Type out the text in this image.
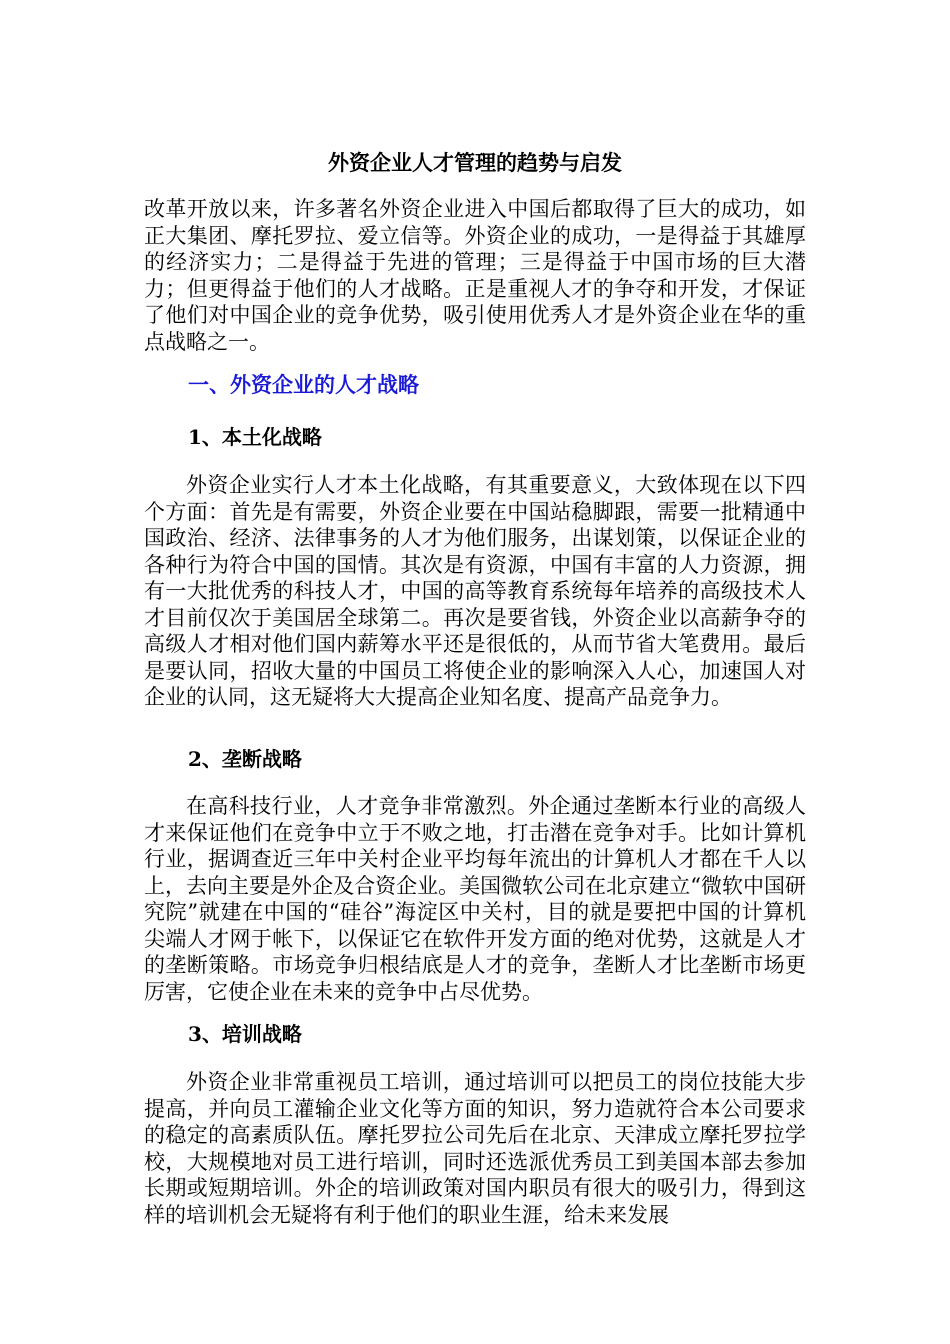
外资企业人才管理的趋势与启发

改革开放以来，许多著名外资企业进入中国后都取得了巨大的成功，如正大集团、摩托罗拉、爱立信等。外资企业的成功，一是得益于其雄厚的经济实力；二是得益于先进的管理；三是得益于中国市场的巨大潜力；但更得益于他们的人才战略。正是重视人才的争夺和开发，才保证了他们对中国企业的竞争优势，吸引使用优秀人才是外资企业在华的重点战略之一。

一、外资企业的人才战略
1、本土化战略

外资企业实行人才本土化战略，有其重要意义，大致体现在以下四个方面：首先是有需要，外资企业要在中国站稳脚跟，需要一批精通中国政治、经济、法律事务的人才为他们服务，出谋划策，以保证企业的各种行为符合中国的国情。其次是有资源，中国有丰富的人力资源，拥有一大批优秀的科技人才，中国的高等教育系统每年培养的高级技术人才目前仅次于美国居全球第二。再次是要省钱，外资企业以高薪争夺的高级人才相对他们国内薪筹水平还是很低的，从而节省大笔费用。最后是要认同，招收大量的中国员工将使企业的影响深入人心，加速国人对企业的认同，这无疑将大大提高企业知名度、提高产品竞争力。

2、垄断战略

在高科技行业，人才竞争非常激烈。外企通过垄断本行业的高级人才来保证他们在竞争中立于不败之地，打击潜在竞争对手。比如计算机行业，据调查近三年中关村企业平均每年流出的计算机人才都在千人以上，去向主要是外企及合资企业。美国微软公司在北京建立“微软中国研究院”就建在中国的“硅谷”海淀区中关村，目的就是要把中国的计算机尖端人才网于帐下，以保证它在软件开发方面的绝对优势，这就是人才的垄断策略。市场竞争归根结底是人才的竞争，垄断人才比垄断市场更厉害，它使企业在未来的竞争中占尽优势。

3、培训战略

外资企业非常重视员工培训，通过培训可以把员工的岗位技能大步提高，并向员工灌输企业文化等方面的知识，努力造就符合本公司要求的稳定的高素质队伍。摩托罗拉公司先后在北京、天津成立摩托罗拉学校，大规模地对员工进行培训，同时还选派优秀员工到美国本部去参加长期或短期培训。外企的培训政策对国内职员有很大的吸引力，得到这样的培训机会无疑将有利于他们的职业生涯，给未来发展
